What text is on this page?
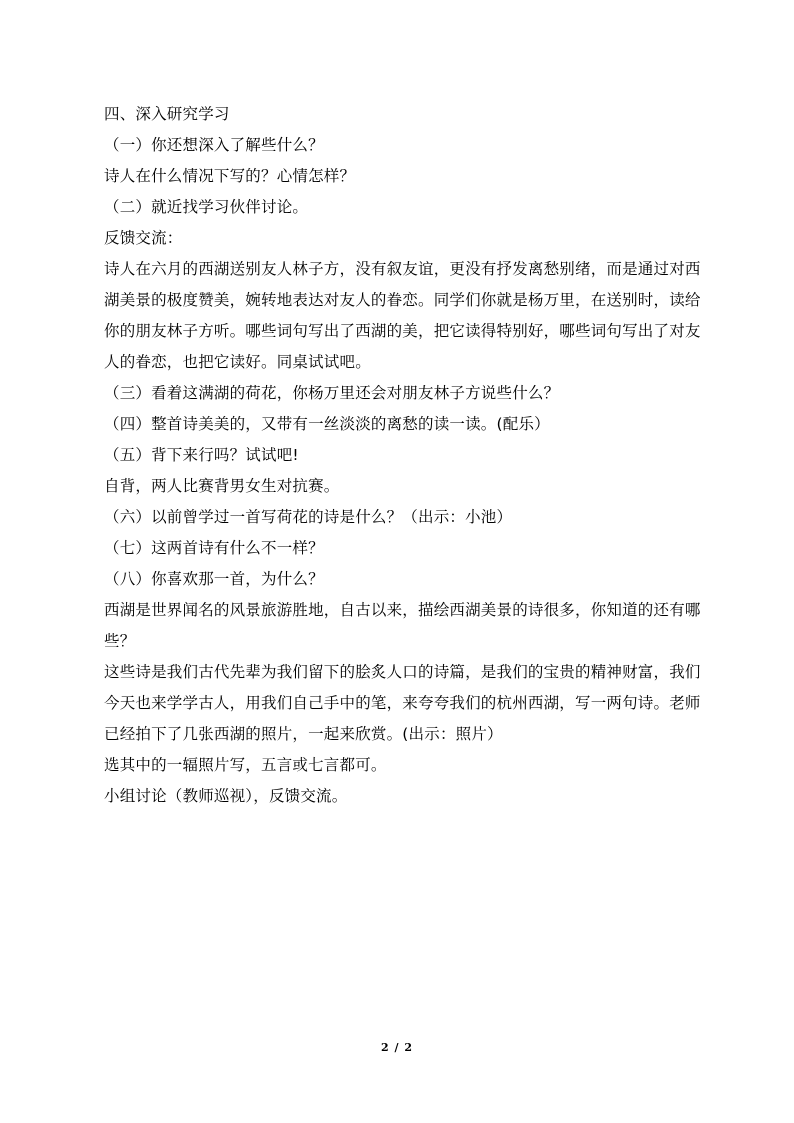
四、深入研究学习

（一）你还想深入了解些什么？

诗人在什么情况下写的？心情怎样？

（二）就近找学习伙伴讨论。

反馈交流：

诗人在六月的西湖送别友人林子方，没有叙友谊，更没有抒发离愁别绪，而是通过对西湖美景的极度赞美，婉转地表达对友人的眷恋。同学们你就是杨万里，在送别时，读给你的朋友林子方听。哪些词句写出了西湖的美，把它读得特别好，哪些词句写出了对友人的眷恋，也把它读好。同桌试试吧。

（三）看着这满湖的荷花，你杨万里还会对朋友林子方说些什么？

（四）整首诗美美的，又带有一丝淡淡的离愁的读一读。(配乐）

（五）背下来行吗？试试吧!

自背，两人比赛背男女生对抗赛。

（六）以前曾学过一首写荷花的诗是什么？（出示：小池）

（七）这两首诗有什么不一样？

（八）你喜欢那一首，为什么？

西湖是世界闻名的风景旅游胜地，自古以来，描绘西湖美景的诗很多，你知道的还有哪些？

这些诗是我们古代先辈为我们留下的脍炙人口的诗篇，是我们的宝贵的精神财富，我们今天也来学学古人，用我们自己手中的笔，来夸夸我们的杭州西湖，写一两句诗。老师已经拍下了几张西湖的照片，一起来欣赏。(出示：照片）

选其中的一辐照片写，五言或七言都可。

小组讨论（教师巡视），反馈交流。

2 / 2
